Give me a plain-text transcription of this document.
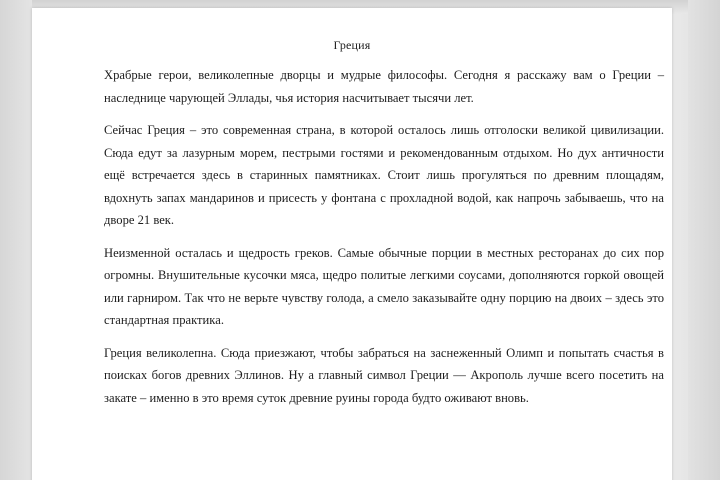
Греция

Храбрые герои, великолепные дворцы и мудрые философы. Сегодня я расскажу вам о Греции – наследнице чарующей Эллады, чья история насчитывает тысячи лет.

Сейчас Греция – это современная страна, в которой осталось лишь отголоски великой цивилизации. Сюда едут за лазурным морем, пестрыми гостями и рекомендованным отдыхом. Но дух античности ещё встречается здесь в старинных памятниках. Стоит лишь прогуляться по древним площадям, вдохнуть запах мандаринов и присесть у фонтана с прохладной водой, как напрочь забываешь, что на дворе 21 век.

Неизменной осталась и щедрость греков. Самые обычные порции в местных ресторанах до сих пор огромны. Внушительные кусочки мяса, щедро политые легкими соусами, дополняются горкой овощей или гарниром. Так что не верьте чувству голода, а смело заказывайте одну порцию на двоих – здесь это стандартная практика.

Греция великолепна. Сюда приезжают, чтобы забраться на заснеженный Олимп и попытать счастья в поисках богов древних Эллинов. Ну а главный символ Греции — Акрополь лучше всего посетить на закате – именно в это время суток древние руины города будто оживают вновь.
